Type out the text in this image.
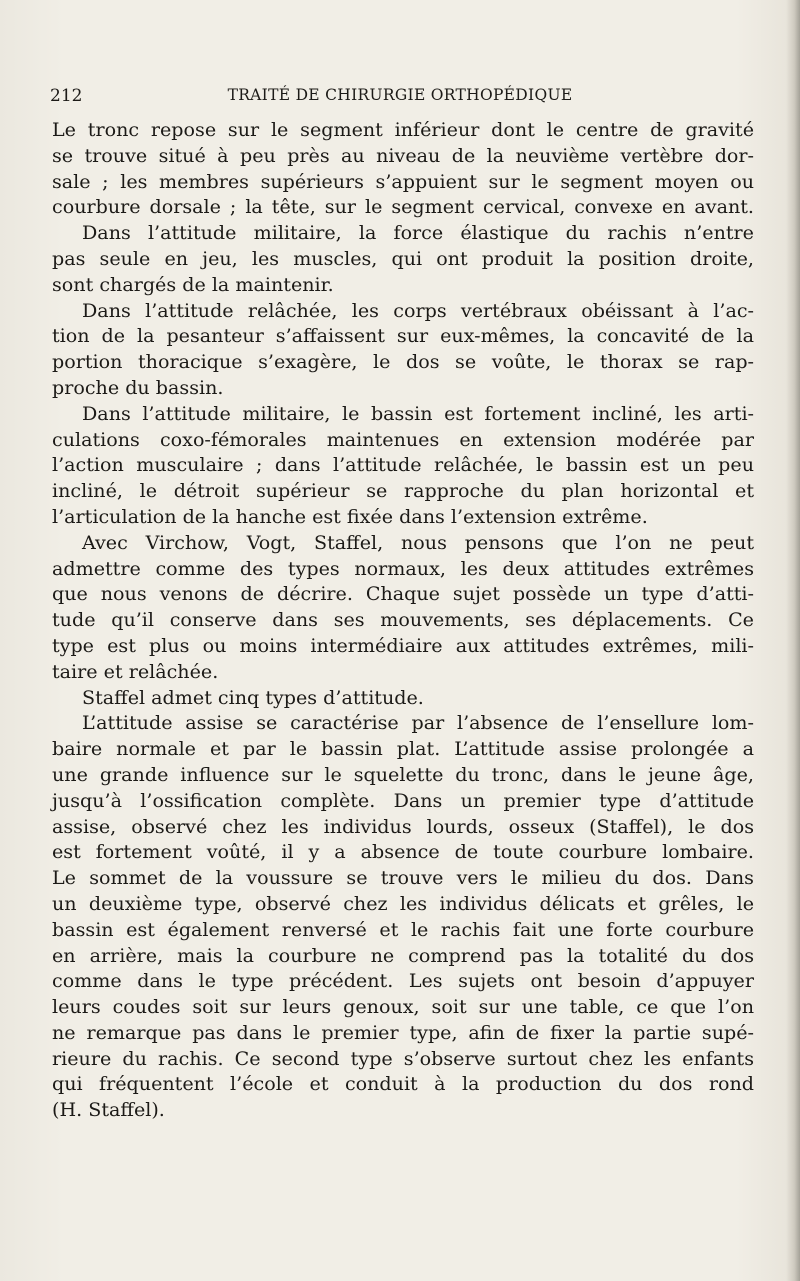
212	TRAITÉ DE CHIRURGIE ORTHOPÉDIQUE
Le tronc repose sur le segment inférieur dont le centre de gravité
se trouve situé à peu près au niveau de la neuvième vertèbre dor-
sale ; les membres supérieurs s’appuient sur le segment moyen ou
courbure dorsale ; la tête, sur le segment cervical, convexe en avant.
Dans l’attitude militaire, la force élastique du rachis n’entre
pas seule en jeu, les muscles, qui ont produit la position droite,
sont chargés de la maintenir.
Dans l’attitude relâchée, les corps vertébraux obéissant à l’ac-
tion de la pesanteur s’affaissent sur eux-mêmes, la concavité de la
portion thoracique s’exagère, le dos se voûte, le thorax se rap-
proche du bassin.
Dans l’attitude militaire, le bassin est fortement incliné, les arti-
culations coxo-fémorales maintenues en extension modérée par
l’action musculaire ; dans l’attitude relâchée, le bassin est un peu
incliné, le détroit supérieur se rapproche du plan horizontal et
l’articulation de la hanche est fixée dans l’extension extrême.
Avec Virchow, Vogt, Staffel, nous pensons que l’on ne peut
admettre comme des types normaux, les deux attitudes extrêmes
que nous venons de décrire. Chaque sujet possède un type d’atti-
tude qu’il conserve dans ses mouvements, ses déplacements. Ce
type est plus ou moins intermédiaire aux attitudes extrêmes, mili-
taire et relâchée.
Staffel admet cinq types d’attitude.
L’attitude assise se caractérise par l’absence de l’ensellure lom-
baire normale et par le bassin plat. L’attitude assise prolongée a
une grande influence sur le squelette du tronc, dans le jeune âge,
jusqu’à l’ossification complète. Dans un premier type d’attitude
assise, observé chez les individus lourds, osseux (Staffel), le dos
est fortement voûté, il y a absence de toute courbure lombaire.
Le sommet de la voussure se trouve vers le milieu du dos. Dans
un deuxième type, observé chez les individus délicats et grêles, le
bassin est également renversé et le rachis fait une forte courbure
en arrière, mais la courbure ne comprend pas la totalité du dos
comme dans le type précédent. Les sujets ont besoin d’appuyer
leurs coudes soit sur leurs genoux, soit sur une table, ce que l’on
ne remarque pas dans le premier type, afin de fixer la partie supé-
rieure du rachis. Ce second type s’observe surtout chez les enfants
qui fréquentent l’école et conduit à la production du dos rond
(H. Staffel).
